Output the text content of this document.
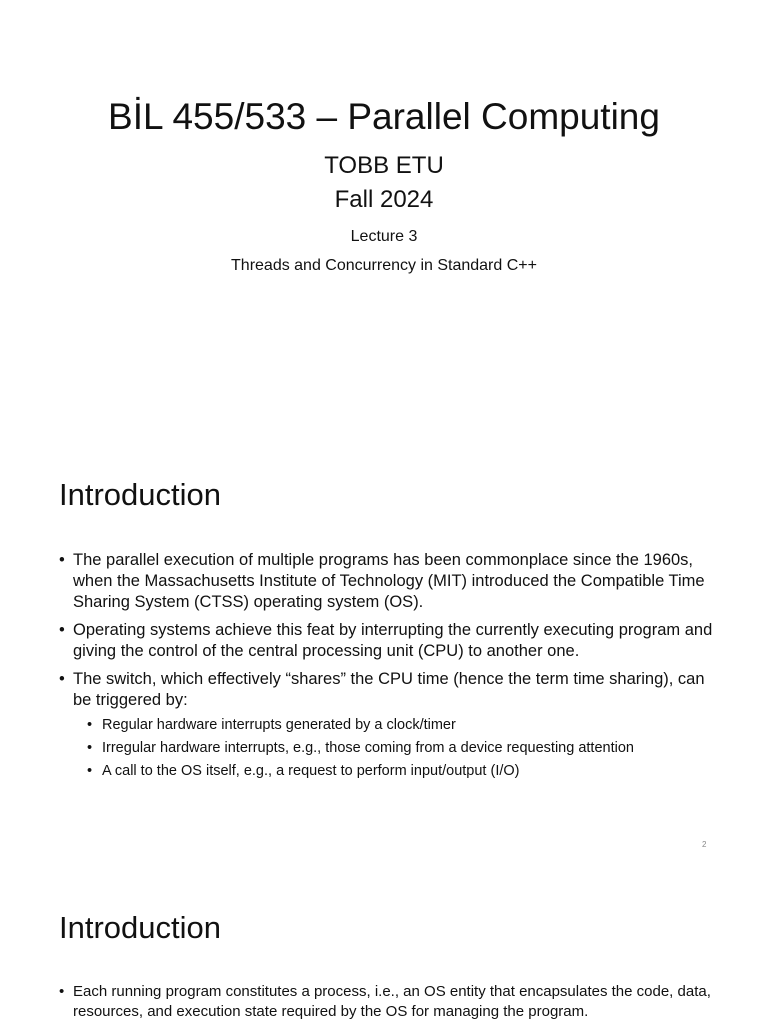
BİL 455/533 – Parallel Computing

TOBB ETU

Fall 2024

Lecture 3

Threads and Concurrency in Standard C++

Introduction
• The parallel execution of multiple programs has been commonplace since the 1960s, when the Massachusetts Institute of Technology (MIT) introduced the Compatible Time Sharing System (CTSS) operating system (OS).
• Operating systems achieve this feat by interrupting the currently executing program and giving the control of the central processing unit (CPU) to another one.
• The switch, which effectively “shares” the CPU time (hence the term time sharing), can be triggered by:
• Regular hardware interrupts generated by a clock/timer
• Irregular hardware interrupts, e.g., those coming from a device requesting attention
• A call to the OS itself, e.g., a request to perform input/output (I/O)
2
Introduction
• Each running program constitutes a process, i.e., an OS entity that encapsulates the code, data, resources, and execution state required by the OS for managing the program.
